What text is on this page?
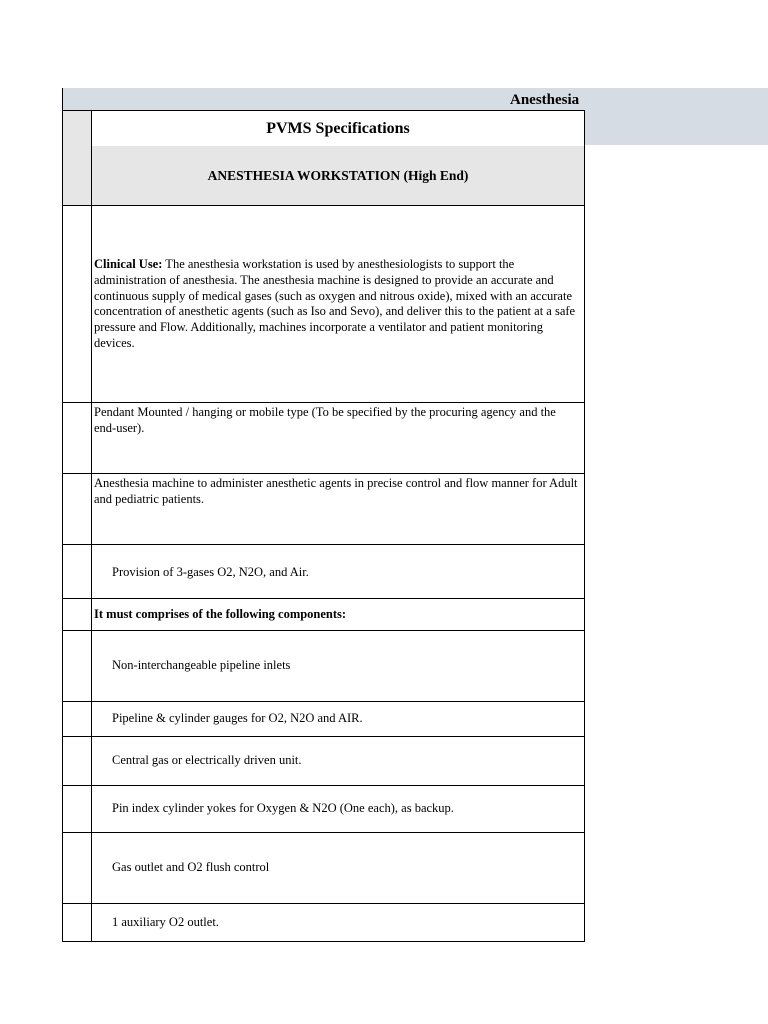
Anesthesia
PVMS Specifications
ANESTHESIA WORKSTATION (High End)
Clinical Use: The anesthesia workstation is used by anesthesiologists to support the administration of anesthesia. The anesthesia machine is designed to provide an accurate and continuous supply of medical gases (such as oxygen and nitrous oxide), mixed with an accurate concentration of anesthetic agents (such as Iso and Sevo), and deliver this to the patient at a safe pressure and Flow. Additionally, machines incorporate a ventilator and patient monitoring devices.
Pendant Mounted / hanging or mobile type (To be specified by the procuring agency and the
end-user).
Anesthesia machine to administer anesthetic agents in precise control and flow manner for Adult and pediatric patients.
Provision of 3-gases O2, N2O, and Air.
It must comprises of the following components:
Non-interchangeable pipeline inlets
Pipeline & cylinder gauges for O2, N2O and AIR.
Central gas or electrically driven unit.
Pin index cylinder yokes for Oxygen & N2O (One each), as backup.
Gas outlet and O2 flush control
1 auxiliary O2 outlet.
